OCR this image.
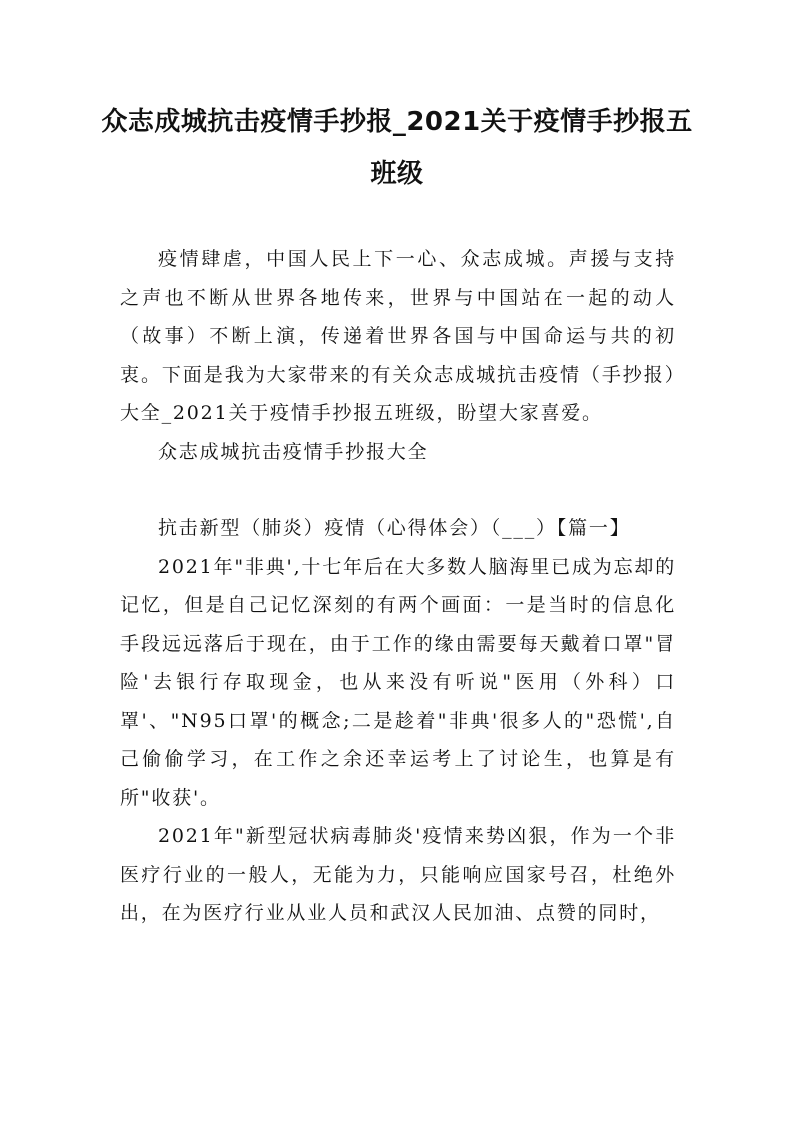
众志成城抗击疫情手抄报_2021关于疫情手抄报五班级

疫情肆虐，中国人民上下一心、众志成城。声援与支持之声也不断从世界各地传来，世界与中国站在一起的动人（故事）不断上演，传递着世界各国与中国命运与共的初衷。下面是我为大家带来的有关众志成城抗击疫情（手抄报）大全_2021关于疫情手抄报五班级，盼望大家喜爱。

众志成城抗击疫情手抄报大全

抗击新型（肺炎）疫情（心得体会）（___）【篇一】

2021年"非典',十七年后在大多数人脑海里已成为忘却的记忆，但是自己记忆深刻的有两个画面：一是当时的信息化手段远远落后于现在，由于工作的缘由需要每天戴着口罩"冒险'去银行存取现金，也从来没有听说"医用（外科）口罩'、"N95口罩'的概念;二是趁着"非典'很多人的"恐慌',自己偷偷学习，在工作之余还幸运考上了讨论生，也算是有所"收获'。

2021年"新型冠状病毒肺炎'疫情来势凶狠，作为一个非医疗行业的一般人，无能为力，只能响应国家号召，杜绝外出，在为医疗行业从业人员和武汉人民加油、点赞的同时，
